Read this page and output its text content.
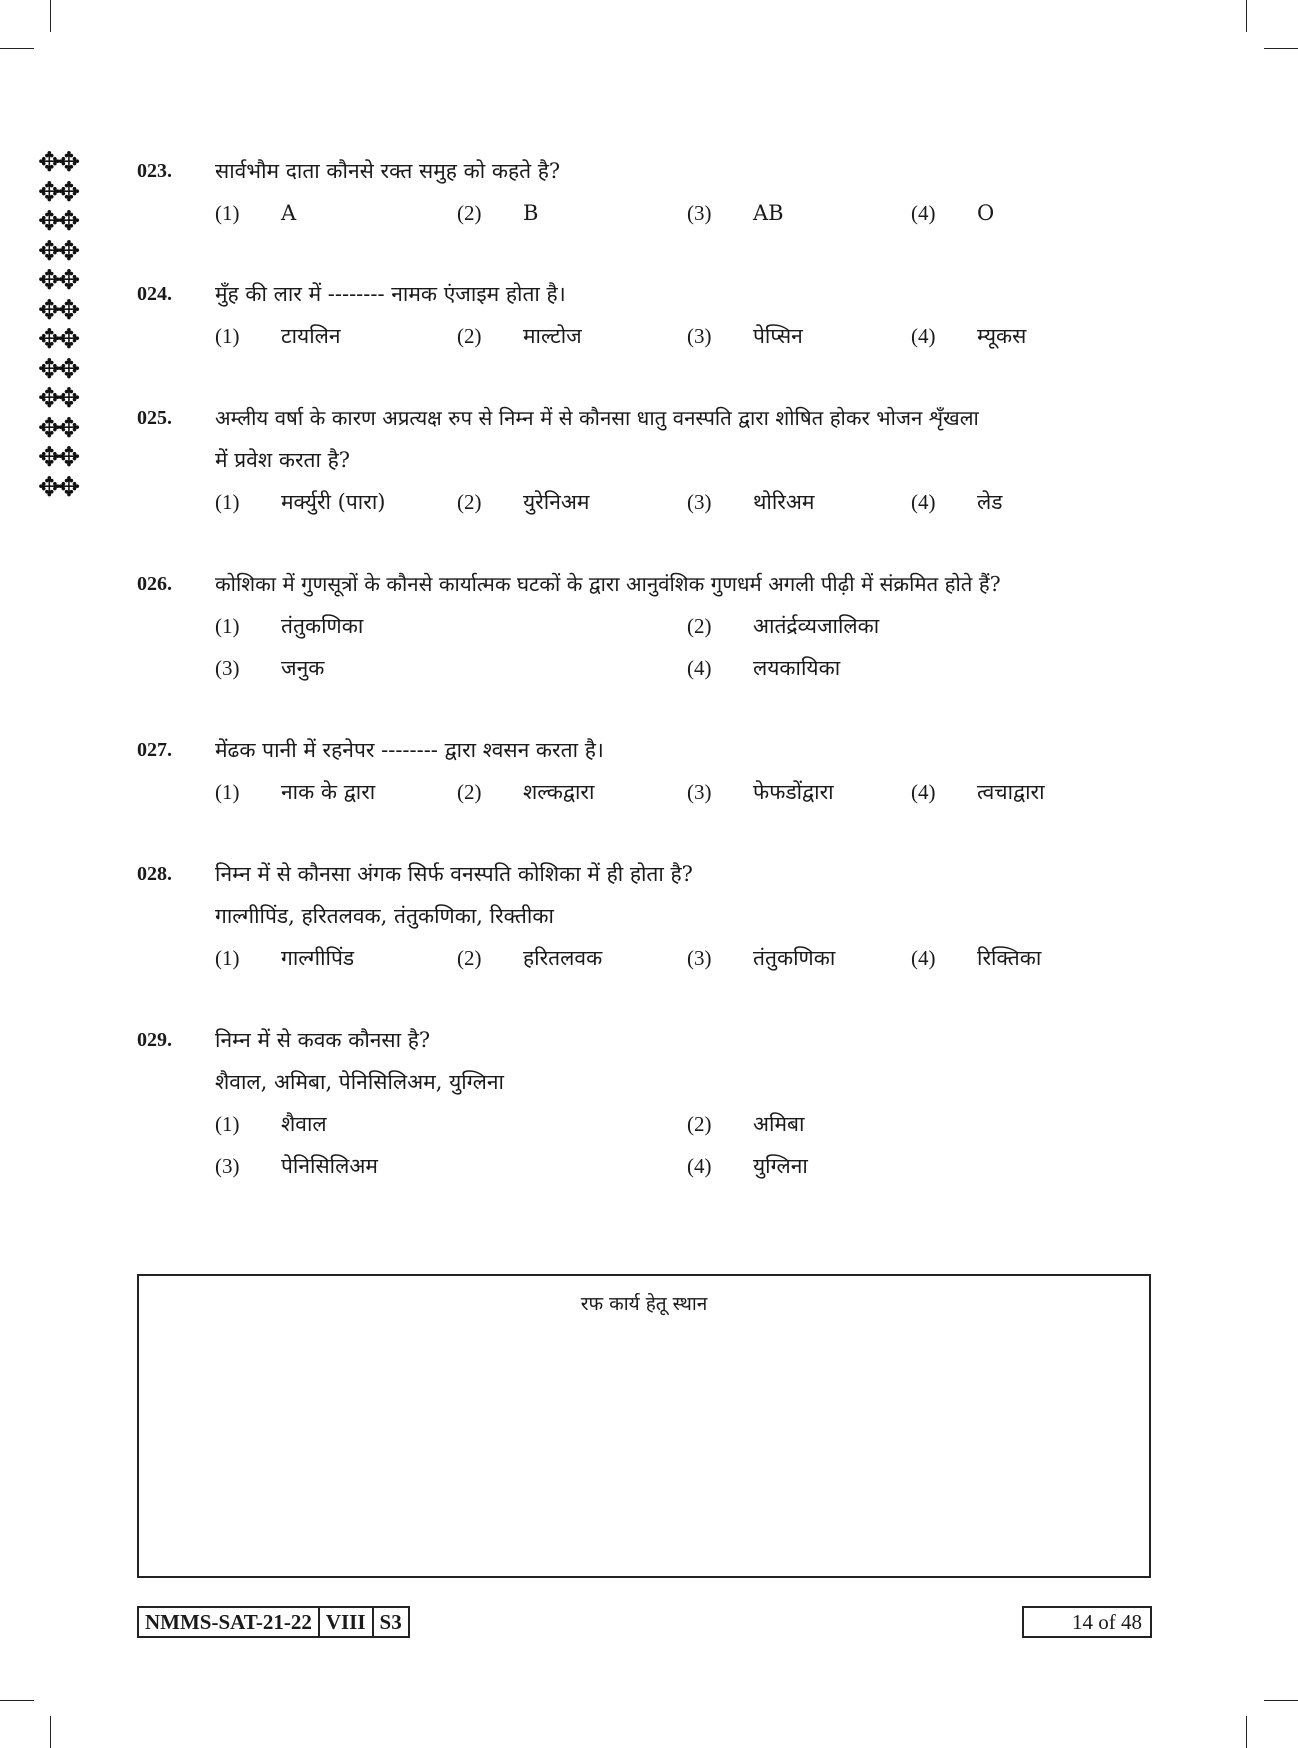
✥✥
✥✥
✥✥
✥✥
✥✥
✥✥
✥✥
✥✥
✥✥
✥✥
✥✥
✥✥
023. सार्वभौम दाता कौनसे रक्त समुह को कहते है?
(1) A	(2) B	(3) AB	(4) O
024. मुँह की लार में -------- नामक एंजाइम होता है।
(1) टायलिन	(2) माल्टोज	(3) पेप्सिन	(4) म्यूकस
025. अम्लीय वर्षा के कारण अप्रत्यक्ष रुप से निम्न में से कौनसा धातु वनस्पति द्वारा शोषित होकर भोजन शृँखला
में प्रवेश करता है?
(1) मर्क्युरी (पारा)	(2) युरेनिअम	(3) थोरिअम	(4) लेड
026. कोशिका में गुणसूत्रों के कौनसे कार्यात्मक घटकों के द्वारा आनुवंशिक गुणधर्म अगली पीढ़ी में संक्रमित होते हैं?
(1) तंतुकणिका	(2) आतंर्द्रव्यजालिका
(3) जनुक	(4) लयकायिका
027. मेंढक पानी में रहनेपर -------- द्वारा श्वसन करता है।
(1) नाक के द्वारा	(2) शल्कद्वारा	(3) फेफडोंद्वारा	(4) त्वचाद्वारा
028. निम्न में से कौनसा अंगक सिर्फ वनस्पति कोशिका में ही होता है?
गाल्गीपिंड, हरितलवक, तंतुकणिका, रिक्तीका
(1) गाल्गीपिंड	(2) हरितलवक	(3) तंतुकणिका	(4) रिक्तिका
029. निम्न में से कवक कौनसा है?
शैवाल, अमिबा, पेनिसिलिअम, युग्लिना
(1) शैवाल	(2) अमिबा
(3) पेनिसिलिअम	(4) युग्लिना
रफ कार्य हेतू स्थान
NMMS-SAT-21-22 VIII S3	14 of 48
